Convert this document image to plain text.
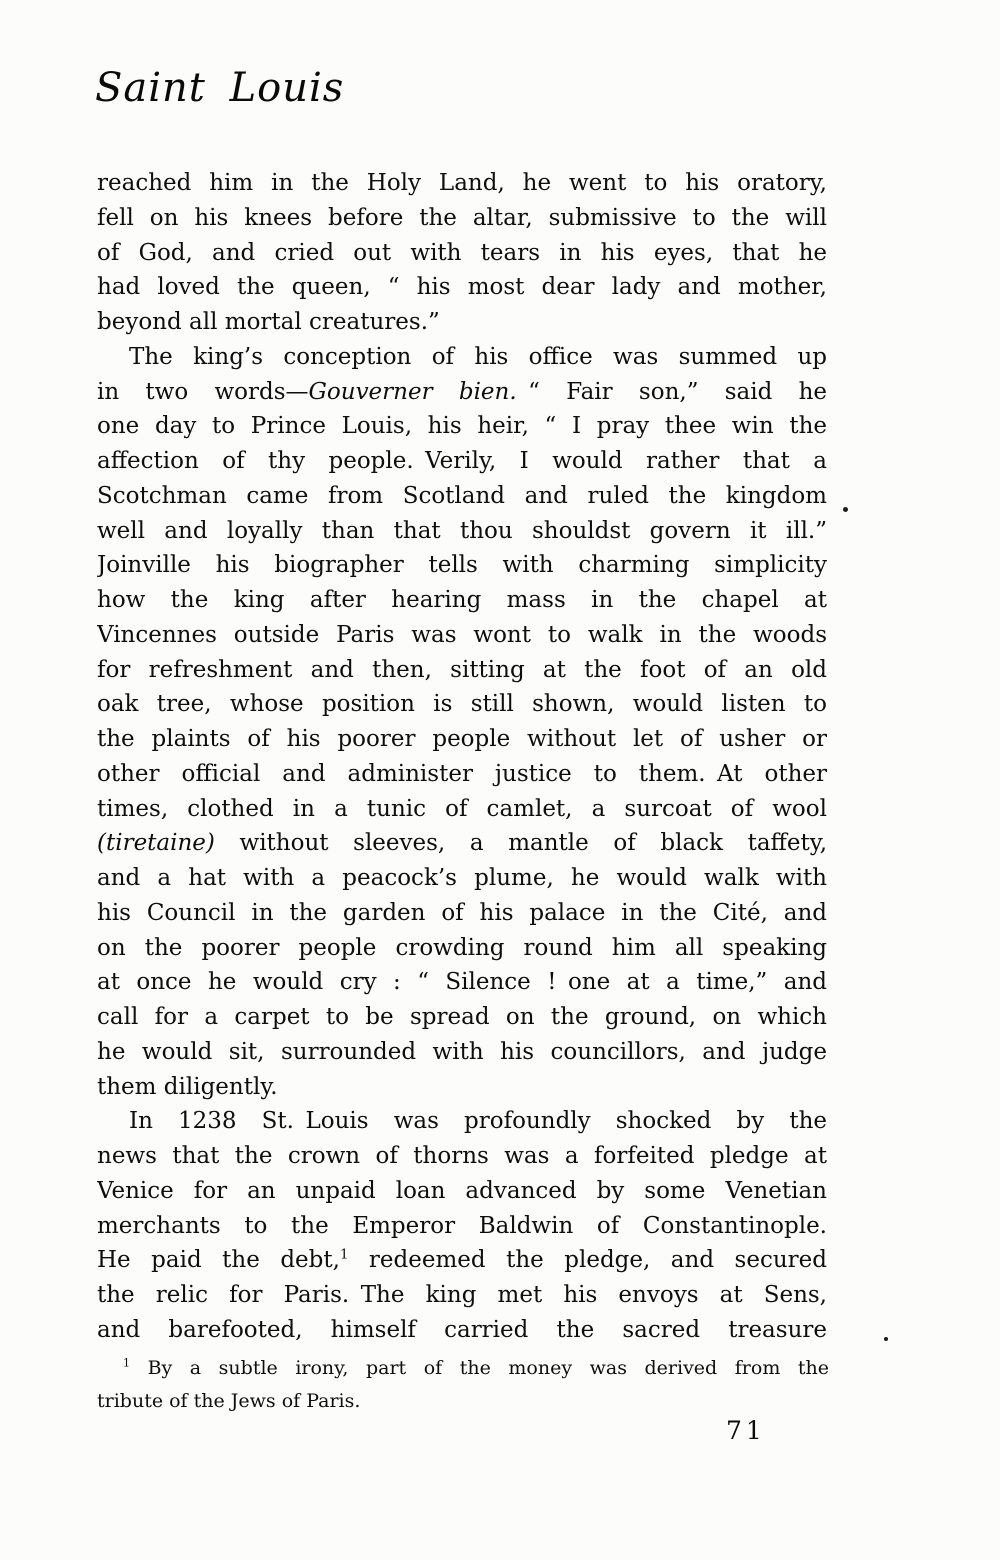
Saint Louis
reached him in the Holy Land, he went to his oratory,
fell on his knees before the altar, submissive to the will
of God, and cried out with tears in his eyes, that he
had loved the queen, “ his most dear lady and mother,
beyond all mortal creatures.”
The king’s conception of his office was summed up
in two words—Gouverner bien. “ Fair son,” said he
one day to Prince Louis, his heir, “ I pray thee win the
affection of thy people. Verily, I would rather that a
Scotchman came from Scotland and ruled the kingdom
well and loyally than that thou shouldst govern it ill.”
Joinville his biographer tells with charming simplicity
how the king after hearing mass in the chapel at
Vincennes outside Paris was wont to walk in the woods
for refreshment and then, sitting at the foot of an old
oak tree, whose position is still shown, would listen to
the plaints of his poorer people without let of usher or
other official and administer justice to them. At other
times, clothed in a tunic of camlet, a surcoat of wool
(tiretaine) without sleeves, a mantle of black taffety,
and a hat with a peacock’s plume, he would walk with
his Council in the garden of his palace in the Cité, and
on the poorer people crowding round him all speaking
at once he would cry : “ Silence ! one at a time,” and
call for a carpet to be spread on the ground, on which
he would sit, surrounded with his councillors, and judge
them diligently.
In 1238 St. Louis was profoundly shocked by the
news that the crown of thorns was a forfeited pledge at
Venice for an unpaid loan advanced by some Venetian
merchants to the Emperor Baldwin of Constantinople.
He paid the debt,$^1$ redeemed the pledge, and secured
the relic for Paris. The king met his envoys at Sens,
and barefooted, himself carried the sacred treasure
$^1$ By a subtle irony, part of the money was derived from the
tribute of the Jews of Paris.
71
